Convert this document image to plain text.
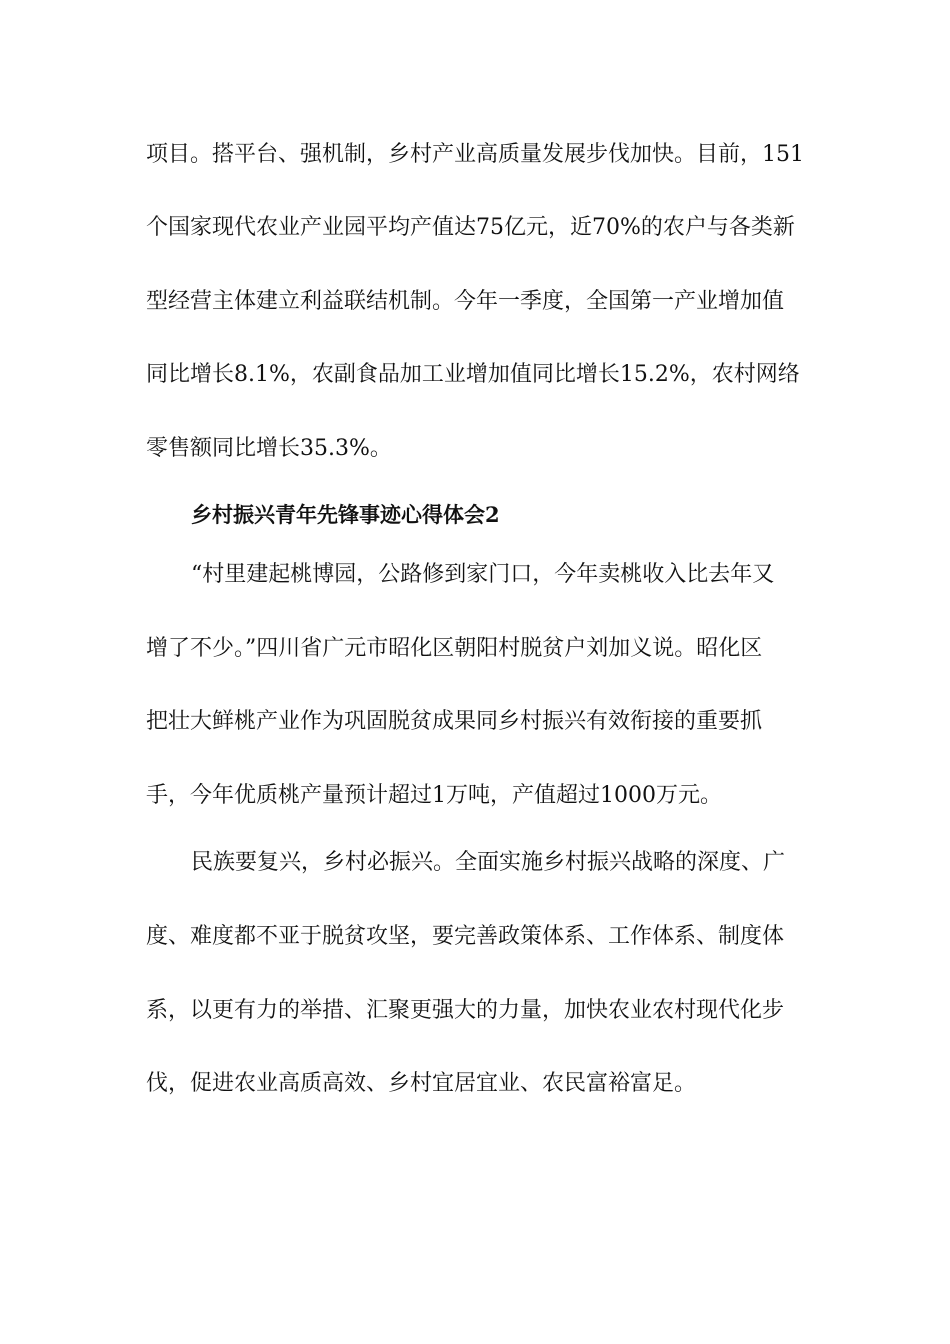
项目。搭平台、强机制，乡村产业高质量发展步伐加快。目前，151
个国家现代农业产业园平均产值达75亿元，近70%的农户与各类新
型经营主体建立利益联结机制。今年一季度，全国第一产业增加值
同比增长8.1%，农副食品加工业增加值同比增长15.2%，农村网络
零售额同比增长35.3%。
乡村振兴青年先锋事迹心得体会2
“村里建起桃博园，公路修到家门口，今年卖桃收入比去年又
增了不少。”四川省广元市昭化区朝阳村脱贫户刘加义说。昭化区
把壮大鲜桃产业作为巩固脱贫成果同乡村振兴有效衔接的重要抓
手，今年优质桃产量预计超过1万吨，产值超过1000万元。
民族要复兴，乡村必振兴。全面实施乡村振兴战略的深度、广
度、难度都不亚于脱贫攻坚，要完善政策体系、工作体系、制度体
系，以更有力的举措、汇聚更强大的力量，加快农业农村现代化步
伐，促进农业高质高效、乡村宜居宜业、农民富裕富足。
